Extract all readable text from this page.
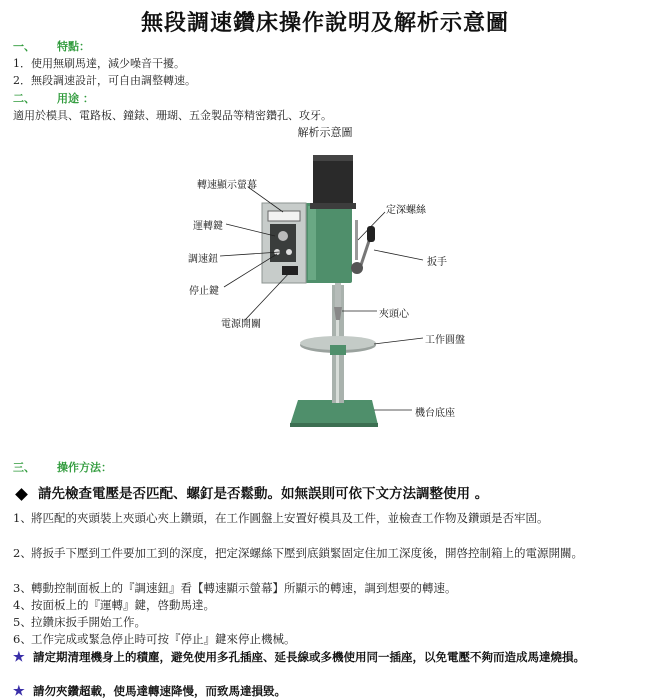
無段調速鑽床操作說明及解析示意圖
一、 特點：
1．使用無刷馬達，減少噪音干擾。
2．無段調速設計，可自由調整轉速。
二、 用途 ：
適用於模具、電路板、鐘錶、珊瑚、五金製品等精密鑽孔、攻牙。
解析示意圖
轉速顯示螢幕
運轉鍵
調速鈕
停止鍵
電源開關
定深螺絲
扳手
夾頭心
工作圓盤
機台底座
三、 操作方法：
請先檢查電壓是否匹配、螺釘是否鬆動。如無誤則可依下文方法調整使用 。
1、將匹配的夾頭裝上夾頭心夾上鑽頭，在工作圓盤上安置好模具及工件，並檢查工作物及鑽頭是否牢固。
2、將扳手下壓到工件要加工到的深度，把定深螺絲下壓到底鎖緊固定住加工深度後，開啓控制箱上的電源開關。
3、轉動控制面板上的『調速鈕』看【轉速顯示螢幕】所顯示的轉速，調到想要的轉速。
4、按面板上的『運轉』鍵，啓動馬達。
5、拉鑽床扳手開始工作。
6、工作完成或緊急停止時可按『停止』鍵來停止機械。
★ 請定期清理機身上的積塵，避免使用多孔插座、延長線或多機使用同一插座，以免電壓不夠而造成馬達燒損。
★ 請勿夾鑽超載，使馬達轉速降慢，而致馬達損毀。
